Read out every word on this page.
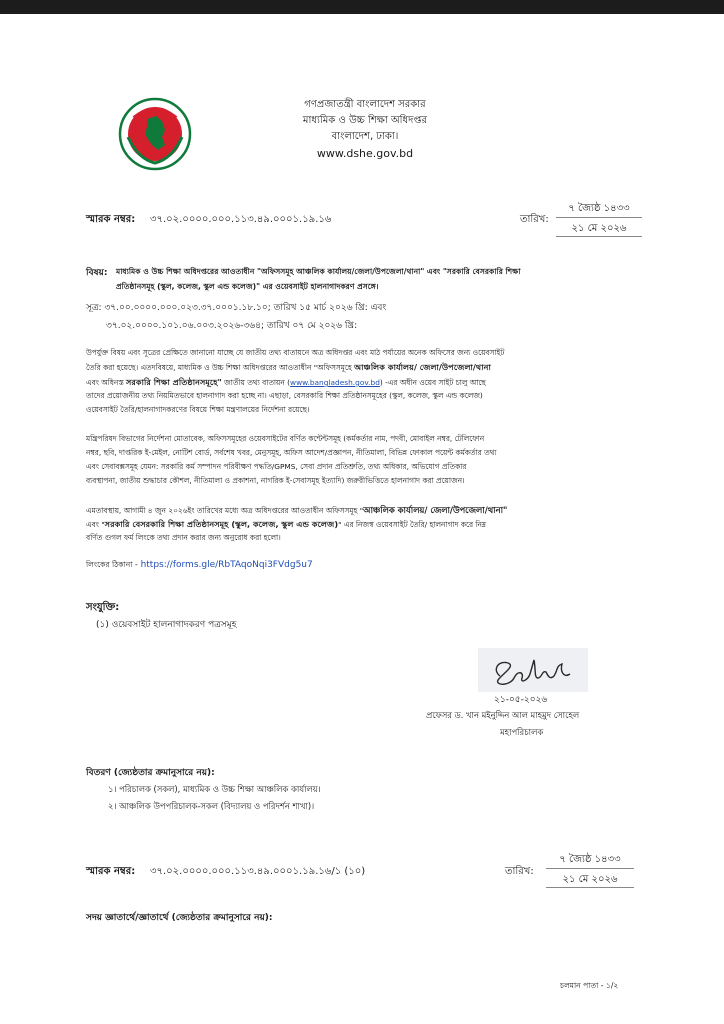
গণপ্রজাতন্ত্রী বাংলাদেশ সরকার
মাধ্যমিক ও উচ্চ শিক্ষা অধিদপ্তর
বাংলাদেশ, ঢাকা।
www.dshe.gov.bd
স্মারক নম্বর: ৩৭.০২.০০০০.০০০.১১৩.৪৯.০০০১.১৯.১৬	তারিখ:
৭ জ্যৈষ্ঠ ১৪৩৩
২১ মে ২০২৬
বিষয়: মাধ্যমিক ও উচ্চ শিক্ষা অধিদপ্তরের আওতাধীন "অফিসসমূহ আঞ্চলিক কার্যালয়/জেলা/উপজেলা/থানা" এবং "সরকারি বেসরকারি শিক্ষা
প্রতিষ্ঠানসমূহ (স্কুল, কলেজ, স্কুল এন্ড কলেজ)" এর ওয়েবসাইট হালনাগাদকরণ প্রসঙ্গে।
সূত্র: ৩৭.০০.০০০০.০০০.০২৩.৩৭.০০০১.১৮.১০; তারিখ ১৫ মার্চ ২০২৬ খ্রি: এবং
৩৭.০২.০০০০.১০১.০৬.০০৩.২০২৬-৩৬৪; তারিখ ০৭ মে ২০২৬ খ্রি:
উপর্যুক্ত বিষয় এবং সূত্রের প্রেক্ষিতে জানানো যাচ্ছে যে জাতীয় তথ্য বাতায়নে অত্র অধিদপ্তর এবং মাঠ পর্যায়ের অনেক অফিসের জন্য ওয়েবসাইট
তৈরি করা হয়েছে। এতদবিষয়ে, মাধ্যমিক ও উচ্চ শিক্ষা অধিদপ্তরের আওতাধীন "অফিসসমূহে আঞ্চলিক কার্যালয়/ জেলা/উপজেলা/থানা
এবং অধিনস্ত সরকারি শিক্ষা প্রতিষ্ঠানসমূহে" জাতীয় তথ্য বাতায়ন (www.bangladesh.gov.bd) -এর অধীন ওয়েব সাইট চালু আছে
তাদের প্রয়োজনীয় তথ্য নিয়মিতভাবে হালনাগাদ করা হচ্ছে না। এছাড়া, বেসরকারি শিক্ষা প্রতিষ্ঠানসমূহের (স্কুল, কলেজ, স্কুল এন্ড কলেজ)
ওয়েবসাইট তৈরি/হালনাগাদকরণের বিষয়ে শিক্ষা মন্ত্রণালয়ের নির্দেশনা রয়েছে।
মন্ত্রিপরিষদ বিভাগের নির্দেশনা মোতাবেক, অফিসসমূহের ওয়েবসাইটের বর্ণিত কন্টেন্টসমূহ (কর্মকর্তার নাম, পদবী, মোবাইল নম্বর, টেলিফোন
নম্বর, ছবি, দাপ্তরিক ই-মেইল, নোটিশ বোর্ড, সর্বশেষ খবর, মেনুসমূহ, অফিস আদেশ/প্রজ্ঞাপন, নীতিমালা, বিভিন্ন ফোকাল পয়েন্ট কর্মকর্তার তথ্য
এবং সেবাবক্সসমূহ যেমন: সরকারি কর্ম সম্পাদন পরিবীক্ষণ পদ্ধতি/GPMS, সেবা প্রদান প্রতিশ্রুতি, তথ্য অধিকার, অভিযোগ প্রতিকার
ব্যবস্থাপনা, জাতীয় শুদ্ধাচার কৌশল, নীতিমালা ও প্রকাশনা, নাগরিক ই-সেবাসমূহ ইত্যাদি) জরুরীভিত্তিতে হালনাগাদ করা প্রয়োজন।
এমতাবস্থায়, আগামী ৪ জুন ২০২৬ইং তারিখের মধ্যে অত্র অধিদপ্তরের আওতাধীন অফিসসমূহ "আঞ্চলিক কার্যালয়/ জেলা/উপজেলা/থানা"
এবং "সরকারি বেসরকারি শিক্ষা প্রতিষ্ঠানসমূহ (স্কুল, কলেজ, স্কুল এন্ড কলেজ)" এর নিজস্ব ওয়েবসাইট তৈরি/ হালনাগাদ করে নিম্ন
বর্ণিত গুগল ফর্ম লিংকে তথ্য প্রদান করার জন্য অনুরোধ করা হলো।
লিংকের ঠিকানা - https://forms.gle/RbTAqoNqi3FVdg5u7
সংযুক্তি:
(১) ওয়েবসাইট হালনাগাদকরণ পত্রসমূহ
২১-০৫-২০২৬
প্রফেসর ড. খান মইনুদ্দিন আল মাহমুদ সোহেল
মহাপরিচালক
বিতরণ (জ্যেষ্ঠতার ক্রমানুসারে নয়):
১। পরিচালক (সকল), মাধ্যমিক ও উচ্চ শিক্ষা আঞ্চলিক কার্যালয়।
২। আঞ্চলিক উপপরিচালক-সকল (বিদ্যালয় ও পরিদর্শন শাখা)।
স্মারক নম্বর: ৩৭.০২.০০০০.০০০.১১৩.৪৯.০০০১.১৯.১৬/১ (১০)	তারিখ:
৭ জ্যৈষ্ঠ ১৪৩৩
২১ মে ২০২৬
সদয় জ্ঞাতার্থে/জ্ঞাতার্থে (জ্যেষ্ঠতার ক্রমানুসারে নয়):
চলমান পাতা - ১/২
